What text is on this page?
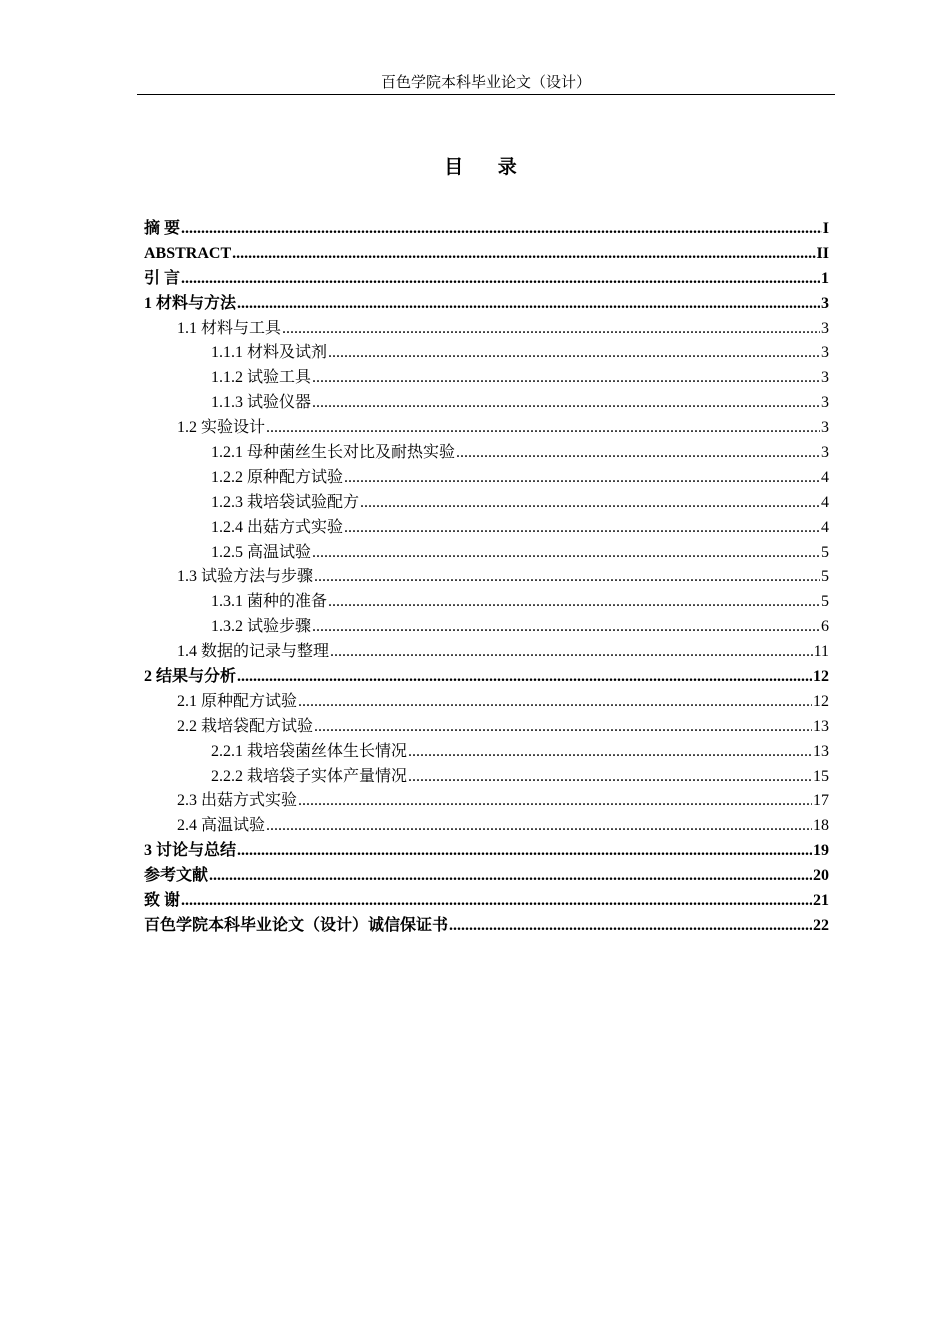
百色学院本科毕业论文（设计）
目 录
摘 要 .....	I
ABSTRACT .....	II
引 言 .....	1
1 材料与方法 .....	3
1.1 材料与工具 .....	3
1.1.1 材料及试剂 .....	3
1.1.2 试验工具 .....	3
1.1.3 试验仪器 .....	3
1.2 实验设计 .....	3
1.2.1 母种菌丝生长对比及耐热实验 .....	3
1.2.2 原种配方试验 .....	4
1.2.3 栽培袋试验配方 .....	4
1.2.4 出菇方式实验 .....	4
1.2.5 高温试验 .....	5
1.3 试验方法与步骤 .....	5
1.3.1 菌种的准备 .....	5
1.3.2 试验步骤 .....	6
1.4 数据的记录与整理 .....	11
2 结果与分析 .....	12
2.1 原种配方试验 .....	12
2.2 栽培袋配方试验 .....	13
2.2.1 栽培袋菌丝体生长情况 .....	13
2.2.2 栽培袋子实体产量情况 .....	15
2.3 出菇方式实验 .....	17
2.4 高温试验 .....	18
3 讨论与总结 .....	19
参考文献 .....	20
致 谢 .....	21
百色学院本科毕业论文（设计）诚信保证书 .....	22
